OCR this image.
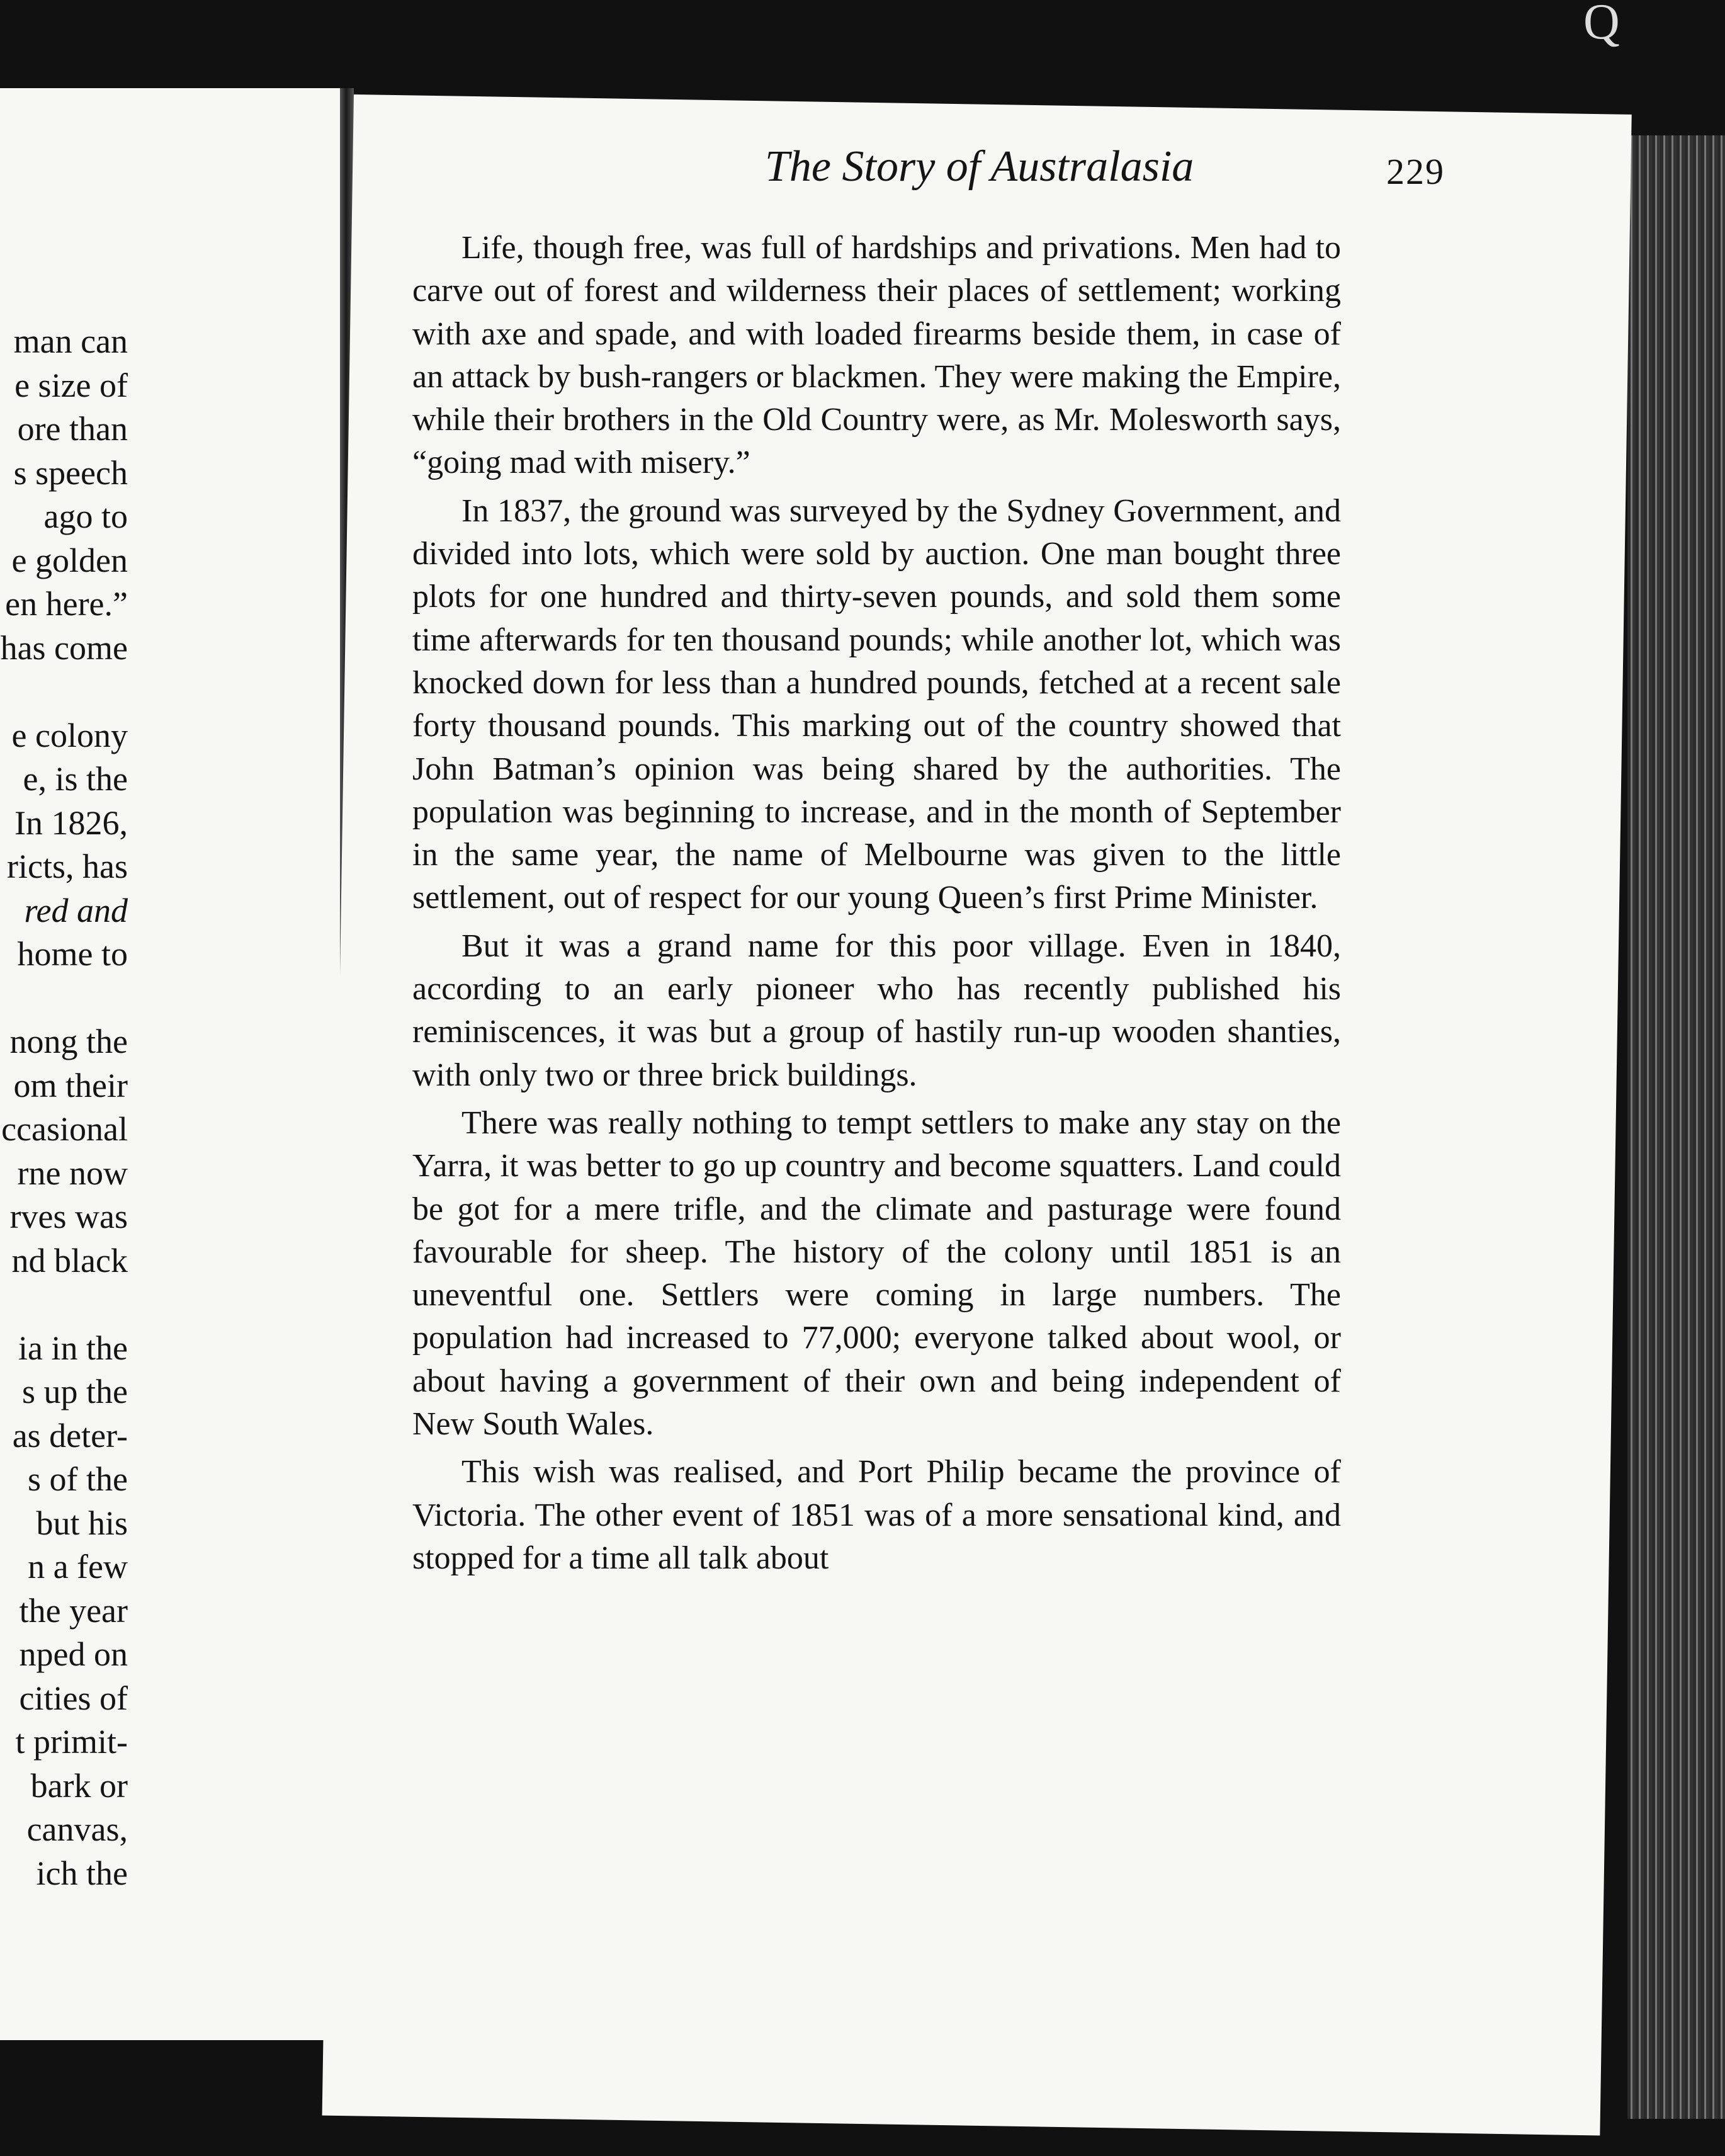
Q

man can

e size of

ore than

s speech

ago to

e golden

en here.”

has come

e colony

e, is the

In 1826,

ricts, has

red and

home to

nong the

om their

ccasional

rne now

rves was

nd black

ia in the

s up the

as deter-

s of the

but his

n a few

the year

nped on

cities of

t primit-

bark or

canvas,

ich the

The Story of Australasia	229

Life, though free, was full of hardships and privations. Men had to carve out of forest and wilderness their places of settlement; working with axe and spade, and with loaded firearms beside them, in case of an attack by bush-rangers or blackmen. They were making the Empire, while their brothers in the Old Country were, as Mr. Molesworth says, “going mad with misery.”

In 1837, the ground was surveyed by the Sydney Government, and divided into lots, which were sold by auction. One man bought three plots for one hundred and thirty-seven pounds, and sold them some time afterwards for ten thousand pounds; while another lot, which was knocked down for less than a hundred pounds, fetched at a recent sale forty thousand pounds. This marking out of the country showed that John Batman’s opinion was being shared by the authorities. The population was beginning to increase, and in the month of September in the same year, the name of Melbourne was given to the little settlement, out of respect for our young Queen’s first Prime Minister.

But it was a grand name for this poor village. Even in 1840, according to an early pioneer who has recently published his reminiscences, it was but a group of hastily run-up wooden shanties, with only two or three brick buildings.

There was really nothing to tempt settlers to make any stay on the Yarra, it was better to go up country and become squatters. Land could be got for a mere trifle, and the climate and pasturage were found favourable for sheep. The history of the colony until 1851 is an uneventful one. Settlers were coming in large numbers. The population had increased to 77,000; everyone talked about wool, or about having a government of their own and being independent of New South Wales.

This wish was realised, and Port Philip became the province of Victoria. The other event of 1851 was of a more sensational kind, and stopped for a time all talk about
